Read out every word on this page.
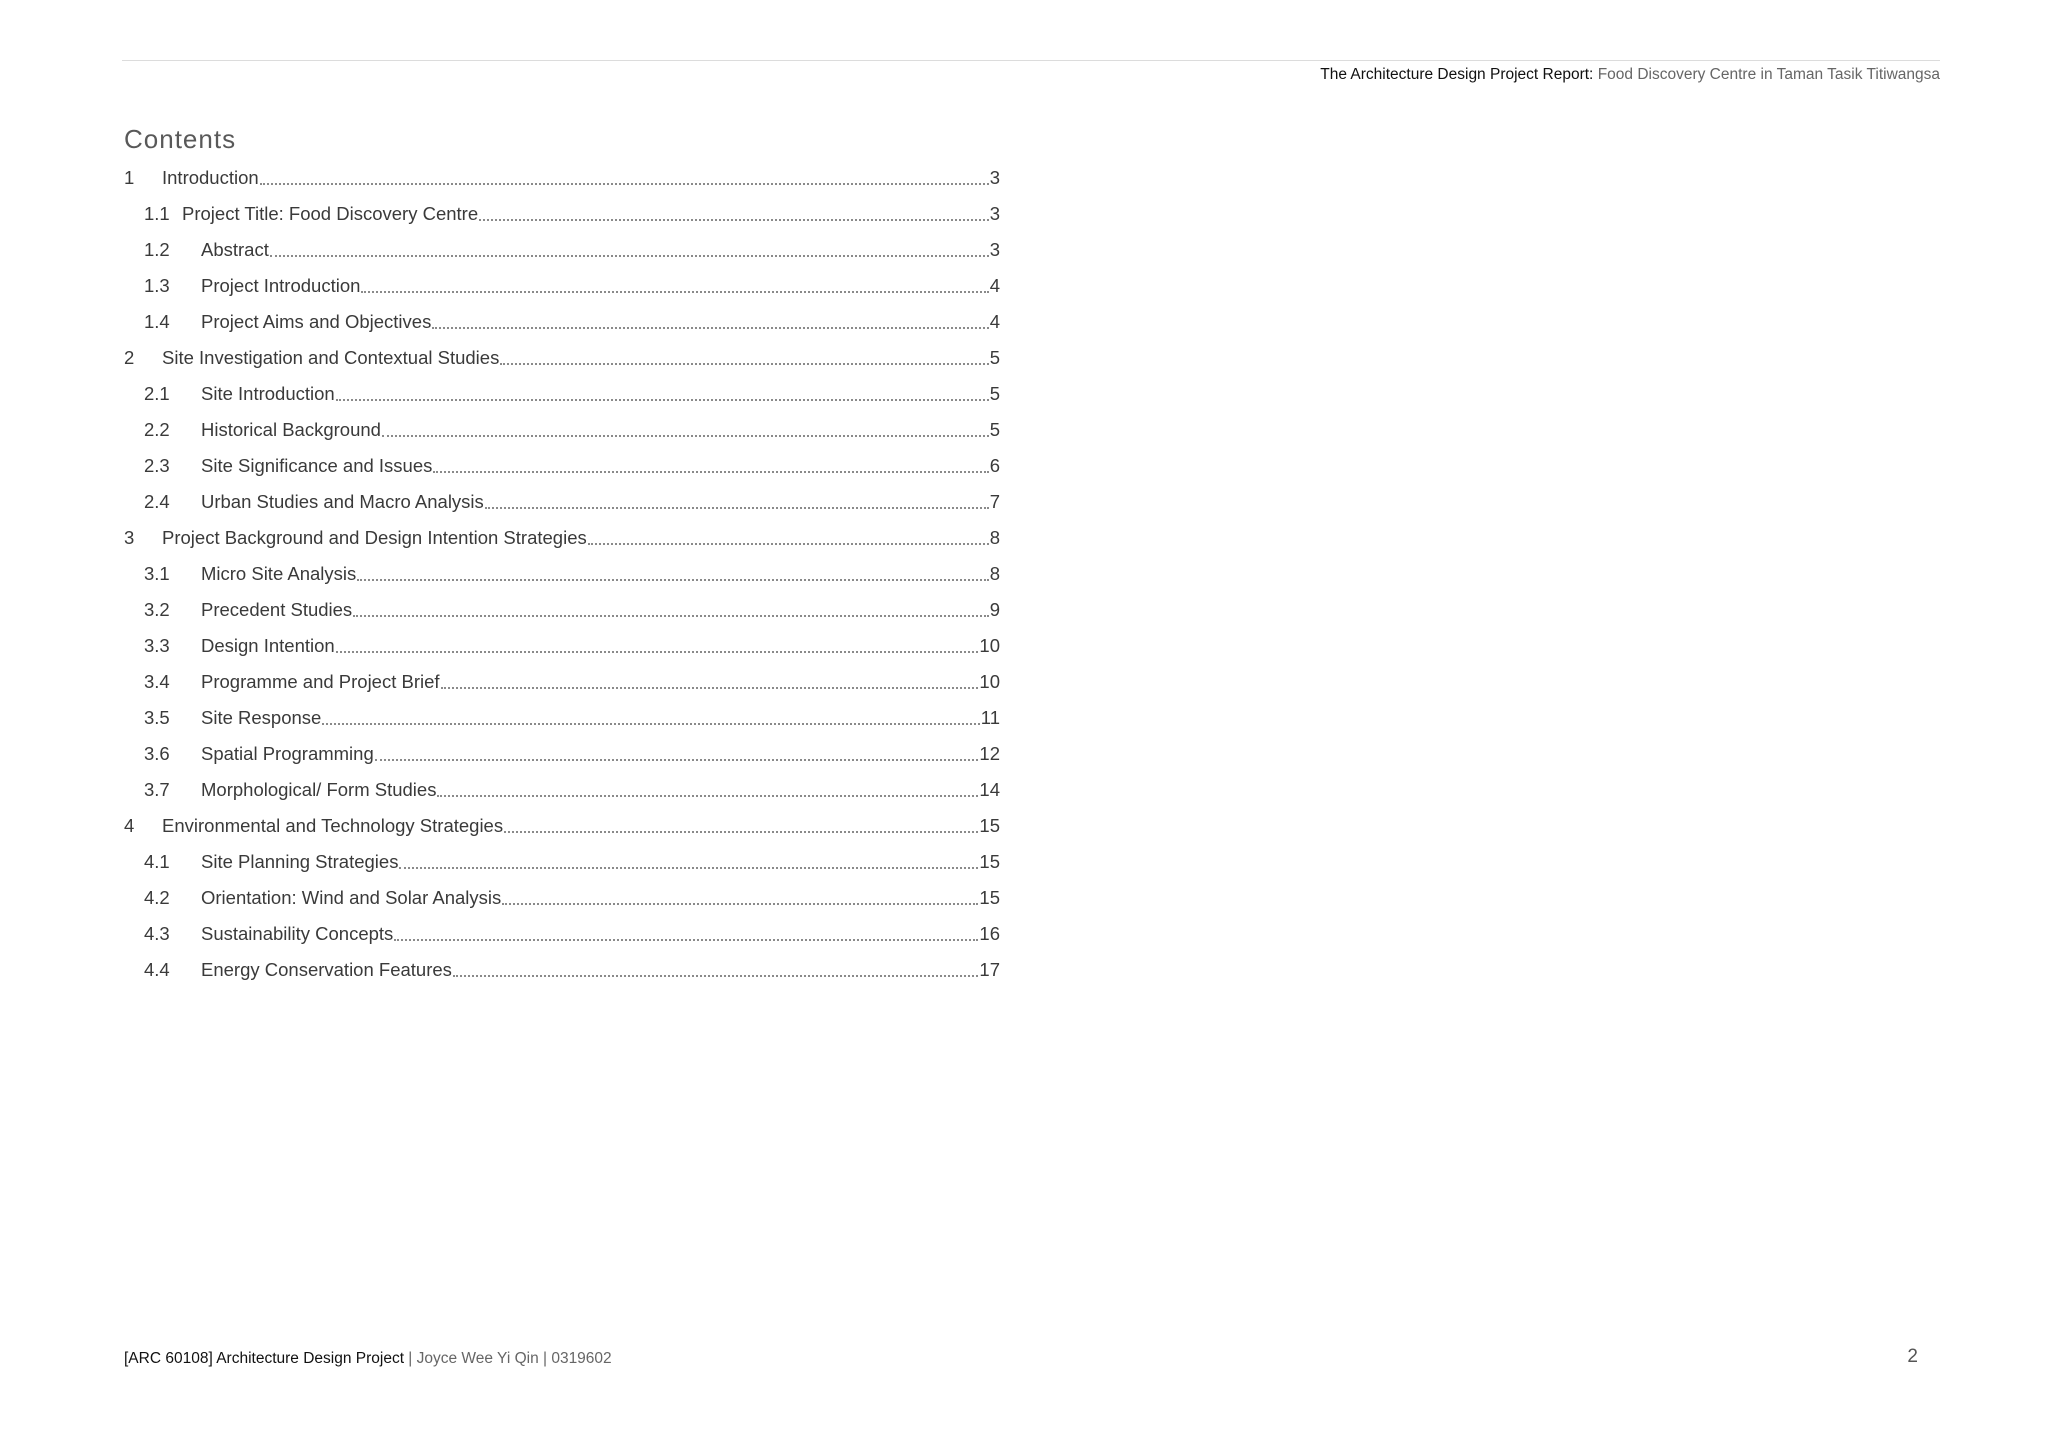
The Architecture Design Project Report: Food Discovery Centre in Taman Tasik Titiwangsa
Contents
1	Introduction	3
1.1 Project Title: Food Discovery Centre	3
1.2	Abstract	3
1.3	Project Introduction	4
1.4	Project Aims and Objectives	4
2	Site Investigation and Contextual Studies	5
2.1	Site Introduction	5
2.2	Historical Background	5
2.3	Site Significance and Issues	6
2.4	Urban Studies and Macro Analysis	7
3	Project Background and Design Intention Strategies	8
3.1	Micro Site Analysis	8
3.2	Precedent Studies	9
3.3	Design Intention	10
3.4	Programme and Project Brief	10
3.5	Site Response	11
3.6	Spatial Programming	12
3.7	Morphological/ Form Studies	14
4	Environmental and Technology Strategies	15
4.1	Site Planning Strategies	15
4.2	Orientation: Wind and Solar Analysis	15
4.3	Sustainability Concepts	16
4.4	Energy Conservation Features	17
[ARC 60108] Architecture Design Project | Joyce Wee Yi Qin | 0319602	2
